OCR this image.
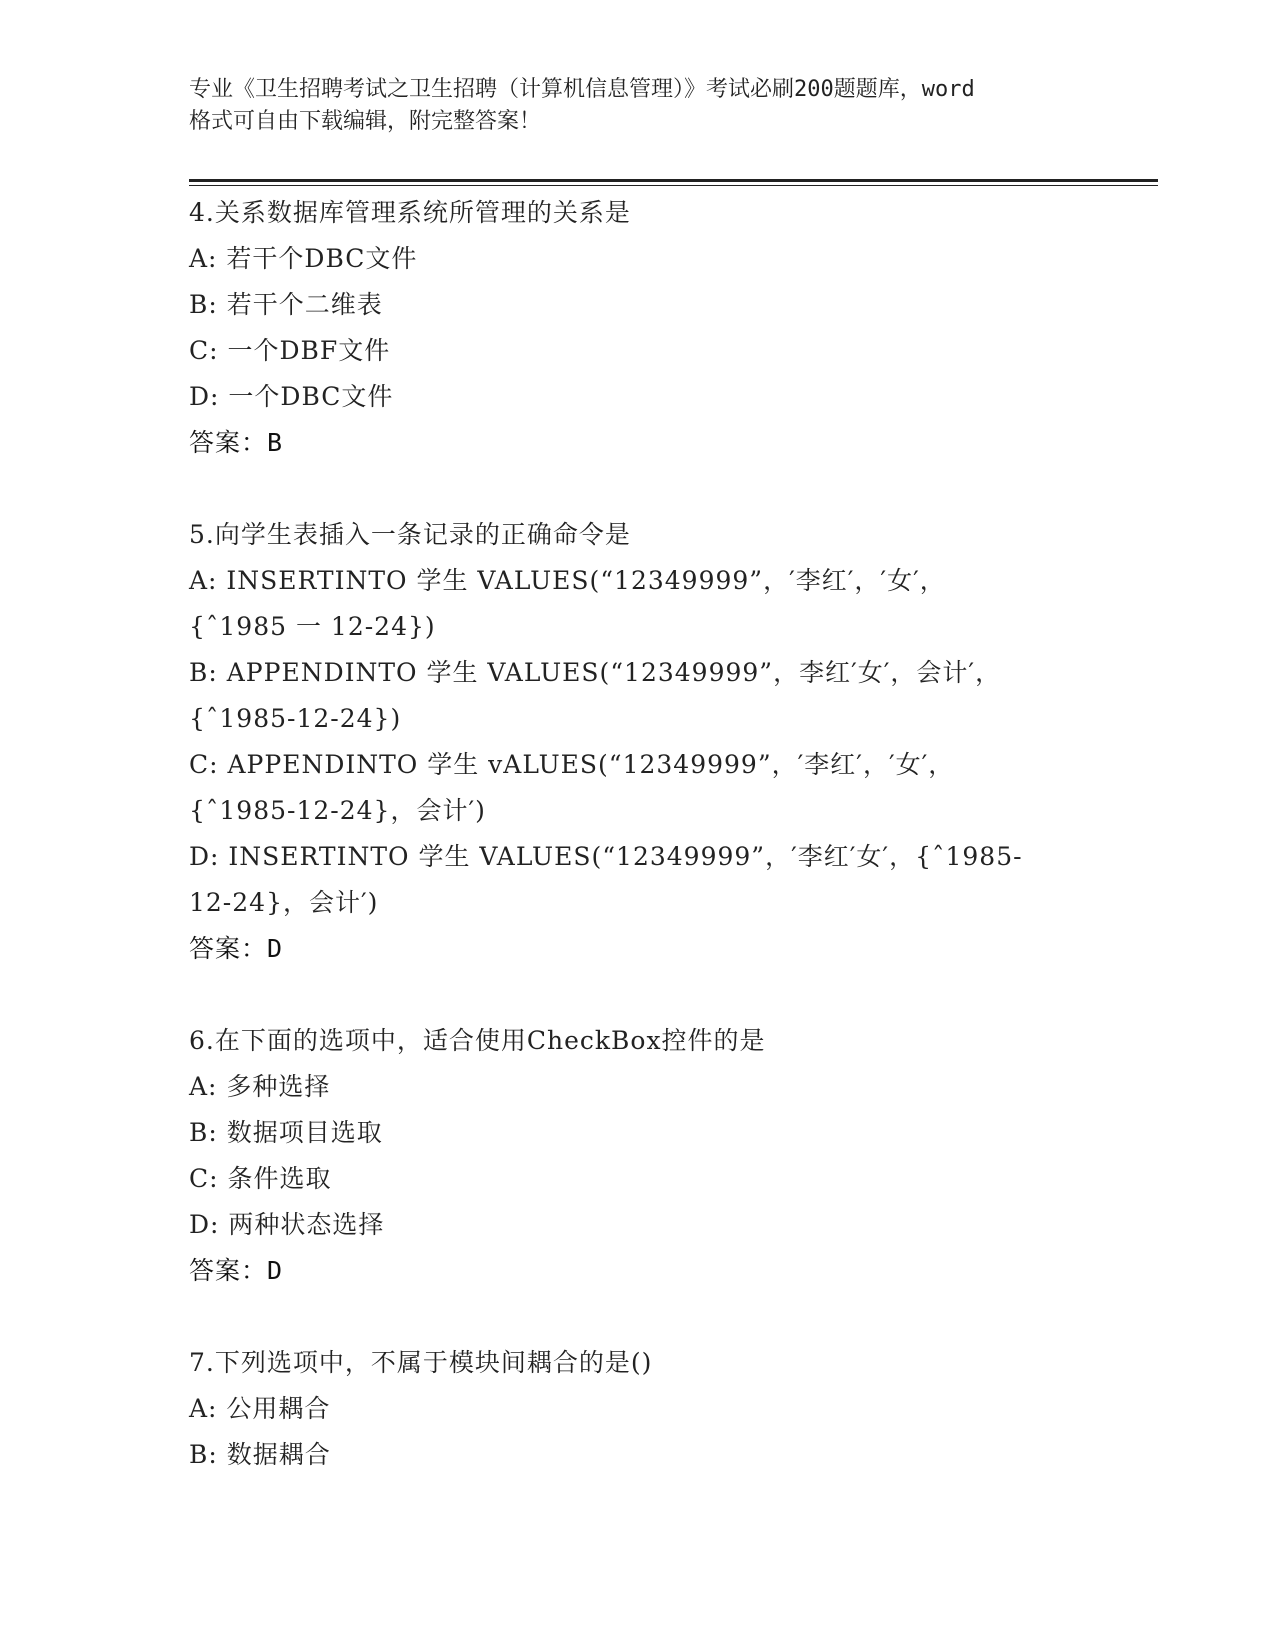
专业《卫生招聘考试之卫生招聘（计算机信息管理）》考试必刷200题题库，word
格式可自由下载编辑，附完整答案！
4.关系数据库管理系统所管理的关系是
A: 若干个DBC文件
B: 若干个二维表
C: 一个DBF文件
D: 一个DBC文件
答案：B
5.向学生表插入一条记录的正确命令是
A: INSERTINTO 学生 VALUES(“12349999”，′李红′，′女′，
{ˆ1985 一 12-24})
B: APPENDINTO 学生 VALUES(“12349999”，李红′女′，会计′，
{ˆ1985-12-24})
C: APPENDINTO 学生 vALUES(“12349999”，′李红′，′女′，
{ˆ1985-12-24}，会计′)
D: INSERTINTO 学生 VALUES(“12349999”，′李红′女′，{ˆ1985-
12-24}，会计′)
答案：D
6.在下面的选项中，适合使用CheckBox控件的是
A: 多种选择
B: 数据项目选取
C: 条件选取
D: 两种状态选择
答案：D
7.下列选项中，不属于模块间耦合的是()
A: 公用耦合
B: 数据耦合
